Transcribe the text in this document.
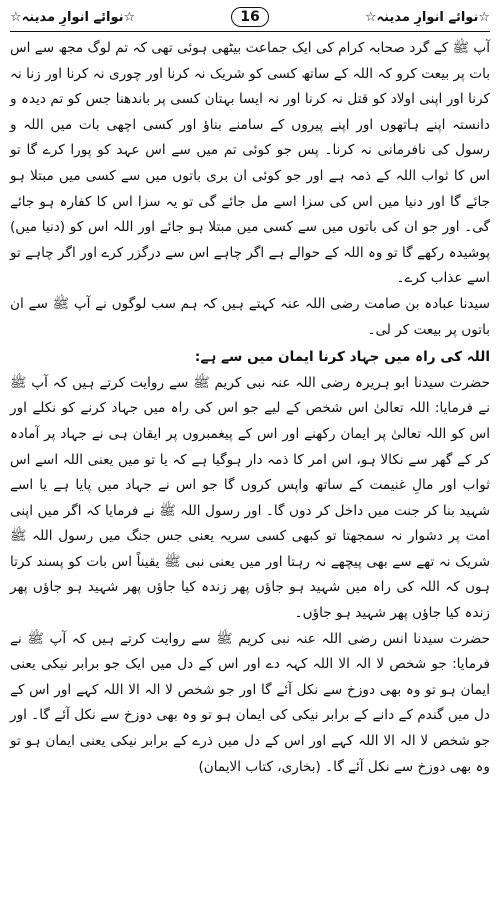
☆نوائے انوارِ مدینہ☆
16
☆نوائے انوارِ مدینہ☆

آپ ﷺ کے گرد صحابہ کرام کی ایک جماعت بیٹھی ہوئی تھی کہ تم لوگ مجھ سے اس بات پر بیعت کرو کہ اللہ کے ساتھ کسی کو شریک نہ کرنا اور چوری نہ کرنا اور زنا نہ کرنا اور اپنی اولاد کو قتل نہ کرنا اور نہ ایسا بہتان کسی پر باندھنا جس کو تم دیدہ و دانستہ اپنے ہاتھوں اور اپنے پیروں کے سامنے بناؤ اور کسی اچھی بات میں اللہ و رسول کی نافرمانی نہ کرنا۔ پس جو کوئی تم میں سے اس عہد کو پورا کرے گا تو اس کا ثواب اللہ کے ذمہ ہے اور جو کوئی ان بری باتوں میں سے کسی میں مبتلا ہو جائے گا اور دنیا میں اس کی سزا اسے مل جائے گی تو یہ سزا اس کا کفارہ ہو جائے گی۔ اور جو ان کی باتوں میں سے کسی میں مبتلا ہو جائے اور اللہ اس کو (دنیا میں) پوشیدہ رکھے گا تو وہ اللہ کے حوالے ہے اگر چاہے اس سے درگزر کرے اور اگر چاہے تو اسے عذاب کرے۔

سیدنا عبادہ بن صامت رضی اللہ عنہ کہتے ہیں کہ ہم سب لوگوں نے آپ ﷺ سے ان باتوں پر بیعت کر لی۔

اللہ کی راہ میں جہاد کرنا ایمان میں سے ہے:

حضرت سیدنا ابو ہریرہ رضی اللہ عنہ نبی کریم ﷺ سے روایت کرتے ہیں کہ آپ ﷺ نے فرمایا: اللہ تعالیٰ اس شخص کے لیے جو اس کی راہ میں جہاد کرنے کو نکلے اور اس کو اللہ تعالیٰ پر ایمان رکھنے اور اس کے پیغمبروں پر ایقان ہی نے جہاد پر آمادہ کر کے گھر سے نکالا ہو، اس امر کا ذمہ دار ہوگیا ہے کہ یا تو میں یعنی اللہ اسے اس ثواب اور مالِ غنیمت کے ساتھ واپس کروں گا جو اس نے جہاد میں پایا ہے یا اسے شہید بنا کر جنت میں داخل کر دوں گا۔ اور رسول اللہ ﷺ نے فرمایا کہ اگر میں اپنی امت پر دشوار نہ سمجھتا تو کبھی کسی سریہ یعنی جس جنگ میں رسول اللہ ﷺ شریک نہ تھے سے بھی پیچھے نہ رہتا اور میں یعنی نبی ﷺ یقیناً اس بات کو پسند کرتا ہوں کہ اللہ کی راہ میں شہید ہو جاؤں پھر زندہ کیا جاؤں پھر شہید ہو جاؤں پھر زندہ کیا جاؤں پھر شہید ہو جاؤں۔

حضرت سیدنا انس رضی اللہ عنہ نبی کریم ﷺ سے روایت کرتے ہیں کہ آپ ﷺ نے فرمایا: جو شخص لا الہ الا اللہ کہہ دے اور اس کے دل میں ایک جو برابر نیکی یعنی ایمان ہو تو وہ بھی دوزخ سے نکل آئے گا اور جو شخص لا الہ الا اللہ کہے اور اس کے دل میں گندم کے دانے کے برابر نیکی کی ایمان ہو تو وہ بھی دوزخ سے نکل آئے گا۔ اور جو شخص لا الہ الا اللہ کہے اور اس کے دل میں ذرے کے برابر نیکی یعنی ایمان ہو تو وہ بھی دوزخ سے نکل آئے گا۔ (بخاری، کتاب الایمان)
